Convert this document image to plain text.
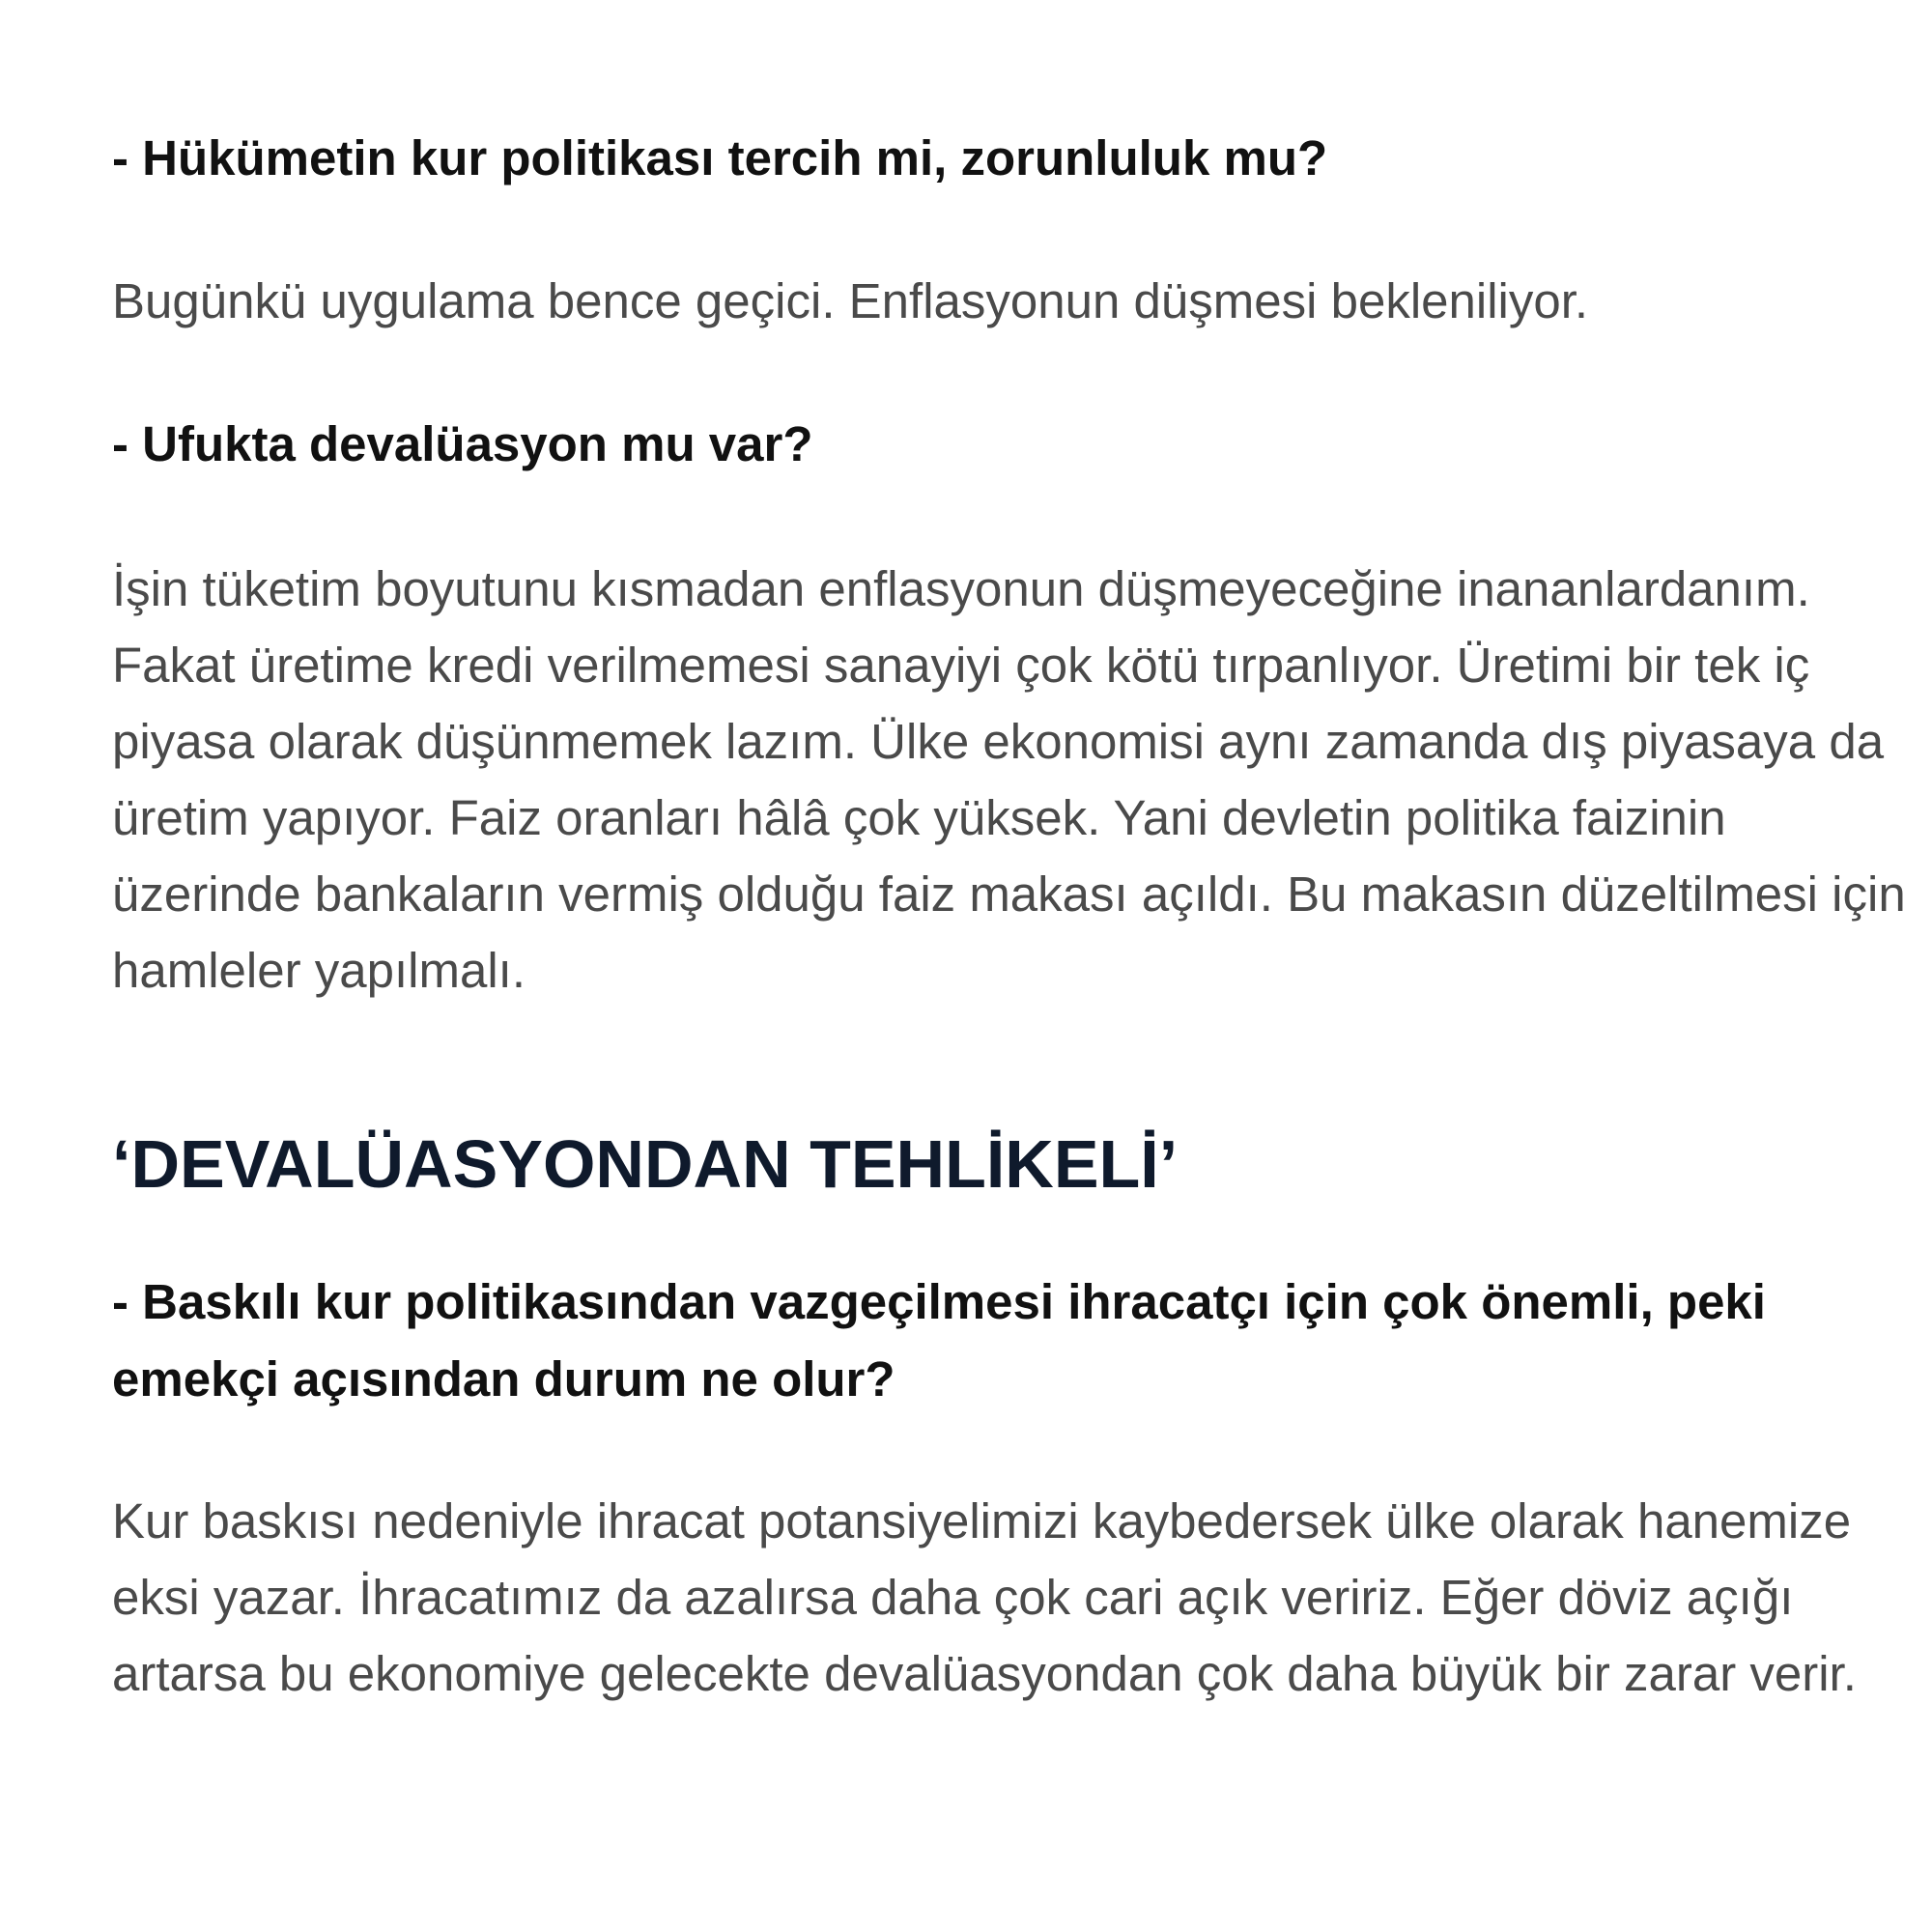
- Hükümetin kur politikası tercih mi, zorunluluk mu?

Bugünkü uygulama bence geçici. Enflasyonun düşmesi bekleniliyor.

- Ufukta devalüasyon mu var?

İşin tüketim boyutunu kısmadan enflasyonun düşmeyeceğine inananlardanım. Fakat üretime kredi verilmemesi sanayiyi çok kötü tırpanlıyor. Üretimi bir tek iç piyasa olarak düşünmemek lazım. Ülke ekonomisi aynı zamanda dış piyasaya da üretim yapıyor. Faiz oranları hâlâ çok yüksek. Yani devletin politika faizinin üzerinde bankaların vermiş olduğu faiz makası açıldı. Bu makasın düzeltilmesi için hamleler yapılmalı.

‘DEVALÜASYONDAN TEHLİKELİ’

- Baskılı kur politikasından vazgeçilmesi ihracatçı için çok önemli, peki emekçi açısından durum ne olur?

Kur baskısı nedeniyle ihracat potansiyelimizi kaybedersek ülke olarak hanemize eksi yazar. İhracatımız da azalırsa daha çok cari açık veririz. Eğer döviz açığı artarsa bu ekonomiye gelecekte devalüasyondan çok daha büyük bir zarar verir.
